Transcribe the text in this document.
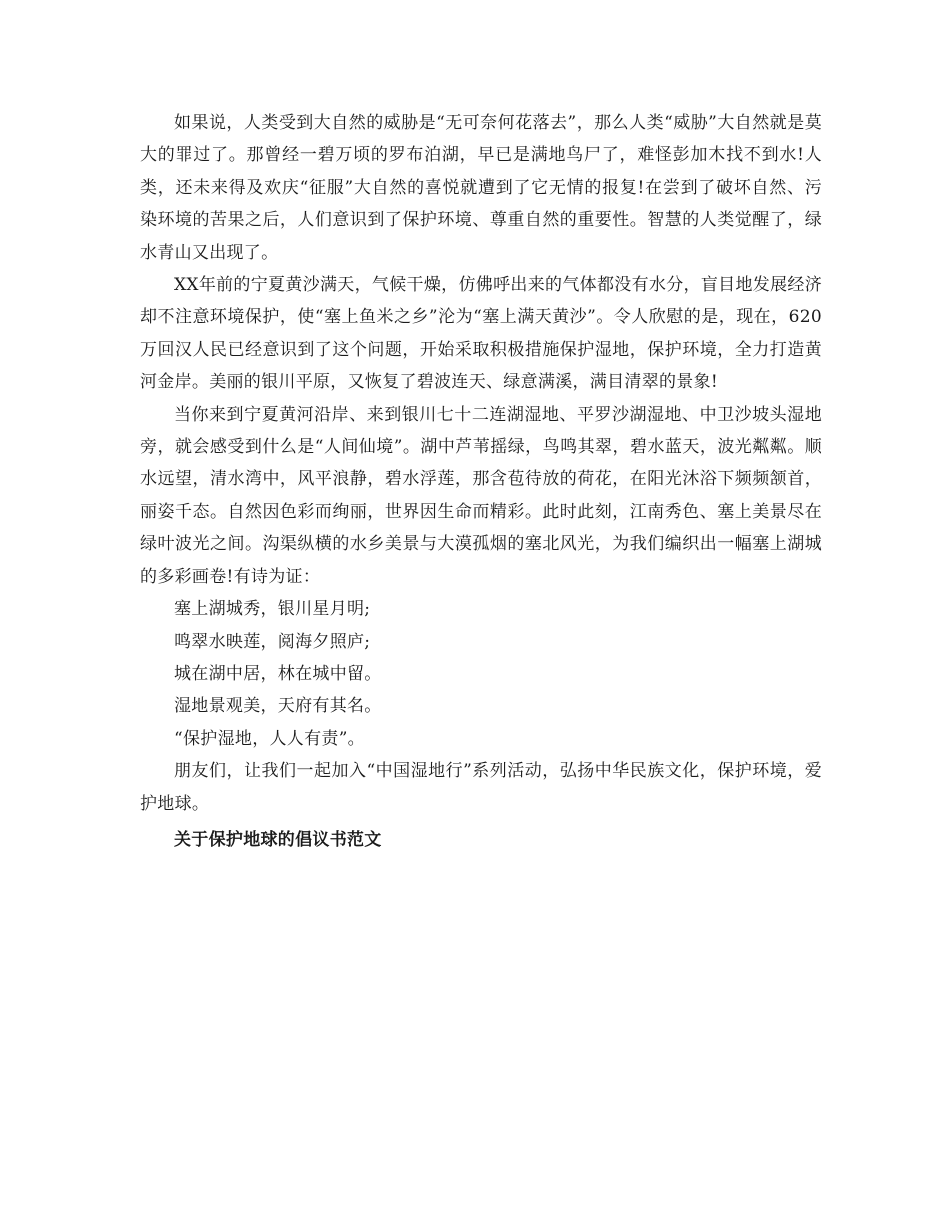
如果说，人类受到大自然的威胁是“无可奈何花落去”，那么人类“威胁”大自然就是莫大的罪过了。那曾经一碧万顷的罗布泊湖，早已是满地鸟尸了，难怪彭加木找不到水!人类，还未来得及欢庆“征服”大自然的喜悦就遭到了它无情的报复!在尝到了破坏自然、污染环境的苦果之后，人们意识到了保护环境、尊重自然的重要性。智慧的人类觉醒了，绿水青山又出现了。

XX年前的宁夏黄沙满天，气候干燥，仿佛呼出来的气体都没有水分，盲目地发展经济却不注意环境保护，使“塞上鱼米之乡”沦为“塞上满天黄沙”。令人欣慰的是，现在，620万回汉人民已经意识到了这个问题，开始采取积极措施保护湿地，保护环境，全力打造黄河金岸。美丽的银川平原，又恢复了碧波连天、绿意满溪，满目清翠的景象!

当你来到宁夏黄河沿岸、来到银川七十二连湖湿地、平罗沙湖湿地、中卫沙坡头湿地旁，就会感受到什么是“人间仙境”。湖中芦苇摇绿，鸟鸣其翠，碧水蓝天，波光粼粼。顺水远望，清水湾中，风平浪静，碧水浮莲，那含苞待放的荷花，在阳光沐浴下频频颔首，丽姿千态。自然因色彩而绚丽，世界因生命而精彩。此时此刻，江南秀色、塞上美景尽在绿叶波光之间。沟渠纵横的水乡美景与大漠孤烟的塞北风光，为我们编织出一幅塞上湖城的多彩画卷!有诗为证：

塞上湖城秀，银川星月明;

鸣翠水映莲，阅海夕照庐;

城在湖中居，林在城中留。

湿地景观美，天府有其名。

“保护湿地，人人有责”。

朋友们，让我们一起加入“中国湿地行”系列活动，弘扬中华民族文化，保护环境，爱护地球。

关于保护地球的倡议书范文
